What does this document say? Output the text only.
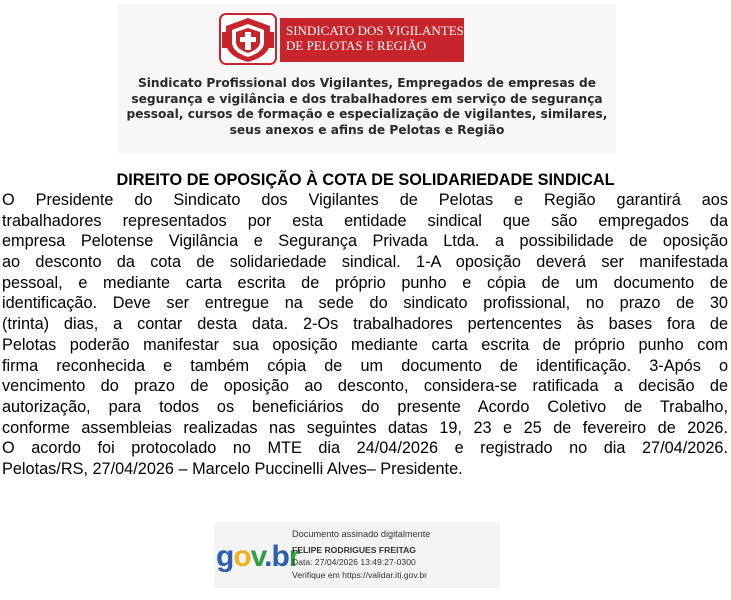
SINDICATO DOS VIGILANTES
DE PELOTAS E REGIÃO
Sindicato Profissional dos Vigilantes, Empregados de empresas de
segurança e vigilância e dos trabalhadores em serviço de segurança
pessoal, cursos de formação e especialização de vigilantes, similares,
seus anexos e afins de Pelotas e Região
DIREITO DE OPOSIÇÃO À COTA DE SOLIDARIEDADE SINDICAL
O Presidente do Sindicato dos Vigilantes de Pelotas e Região garantirá aos
trabalhadores representados por esta entidade sindical que são empregados da
empresa Pelotense Vigilância e Segurança Privada Ltda. a possibilidade de oposição
ao desconto da cota de solidariedade sindical. 1-A oposição deverá ser manifestada
pessoal, e mediante carta escrita de próprio punho e cópia de um documento de
identificação. Deve ser entregue na sede do sindicato profissional, no prazo de 30
(trinta) dias, a contar desta data. 2-Os trabalhadores pertencentes às bases fora de
Pelotas poderão manifestar sua oposição mediante carta escrita de próprio punho com
firma reconhecida e também cópia de um documento de identificação. 3-Após o
vencimento do prazo de oposição ao desconto, considera-se ratificada a decisão de
autorização, para todos os beneficiários do presente Acordo Coletivo de Trabalho,
conforme assembleias realizadas nas seguintes datas 19, 23 e 25 de fevereiro de 2026.
O acordo foi protocolado no MTE dia 24/04/2026 e registrado no dia 27/04/2026.
Pelotas/RS, 27/04/2026 – Marcelo Puccinelli Alves– Presidente.
gov.br
Documento assinado digitalmente
FELIPE RODRIGUES FREITAG
Data: 27/04/2026 13:49:27-0300
Verifique em https://validar.iti.gov.br
